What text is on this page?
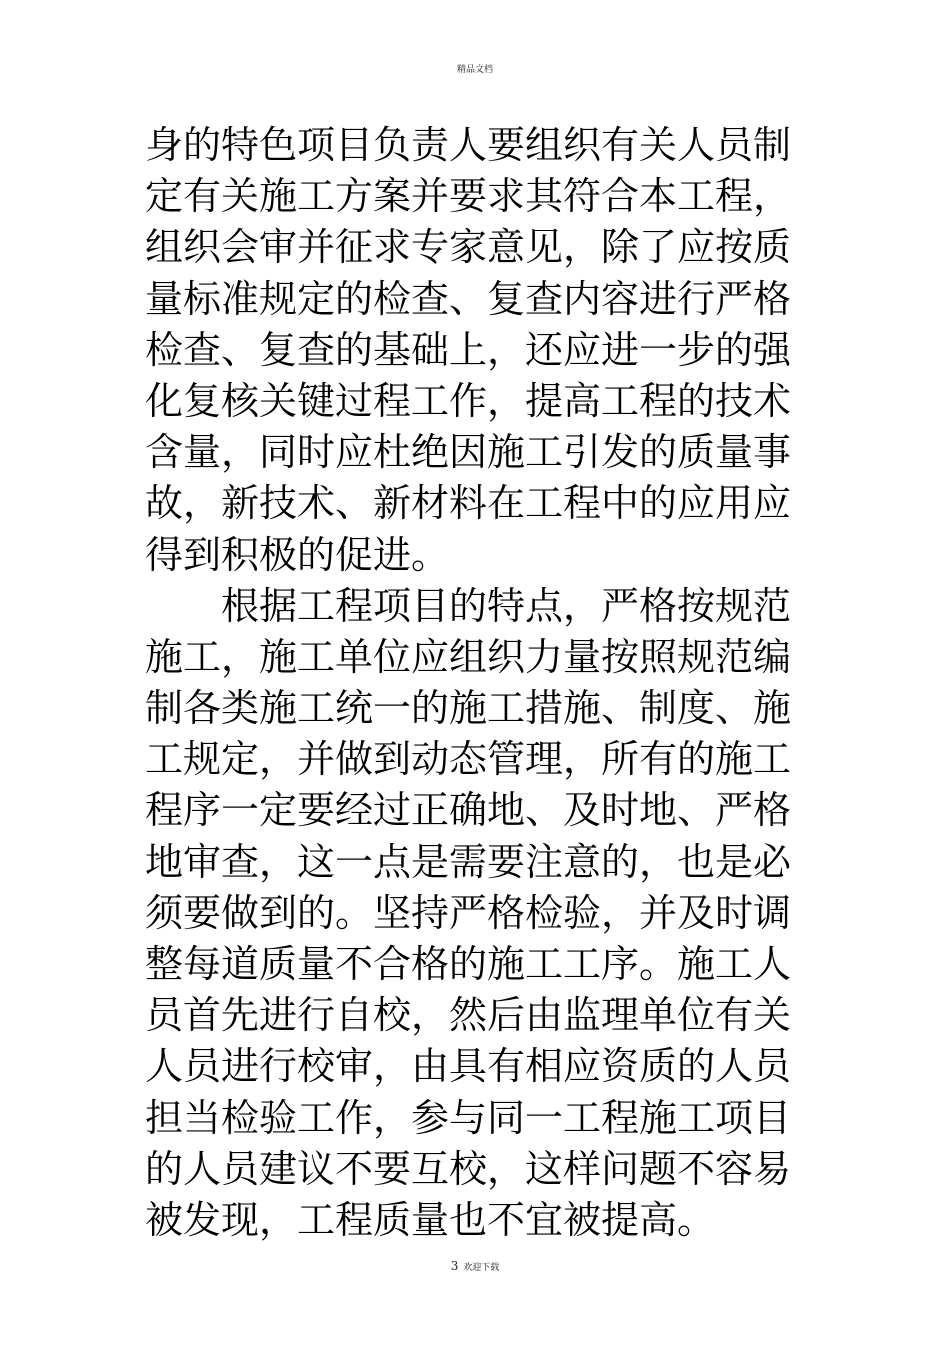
精品文档
身的特色项目负责人要组织有关人员制
定有关施工方案并要求其符合本工程，
组织会审并征求专家意见，除了应按质
量标准规定的检查、复查内容进行严格
检查、复查的基础上，还应进一步的强
化复核关键过程工作，提高工程的技术
含量，同时应杜绝因施工引发的质量事
故，新技术、新材料在工程中的应用应
得到积极的促进。
根据工程项目的特点，严格按规范
施工，施工单位应组织力量按照规范编
制各类施工统一的施工措施、制度、施
工规定，并做到动态管理，所有的施工
程序一定要经过正确地、及时地、严格
地审查，这一点是需要注意的，也是必
须要做到的。坚持严格检验，并及时调
整每道质量不合格的施工工序。施工人
员首先进行自校，然后由监理单位有关
人员进行校审，由具有相应资质的人员
担当检验工作，参与同一工程施工项目
的人员建议不要互校，这样问题不容易
被发现，工程质量也不宜被提高。
3 欢迎下载
